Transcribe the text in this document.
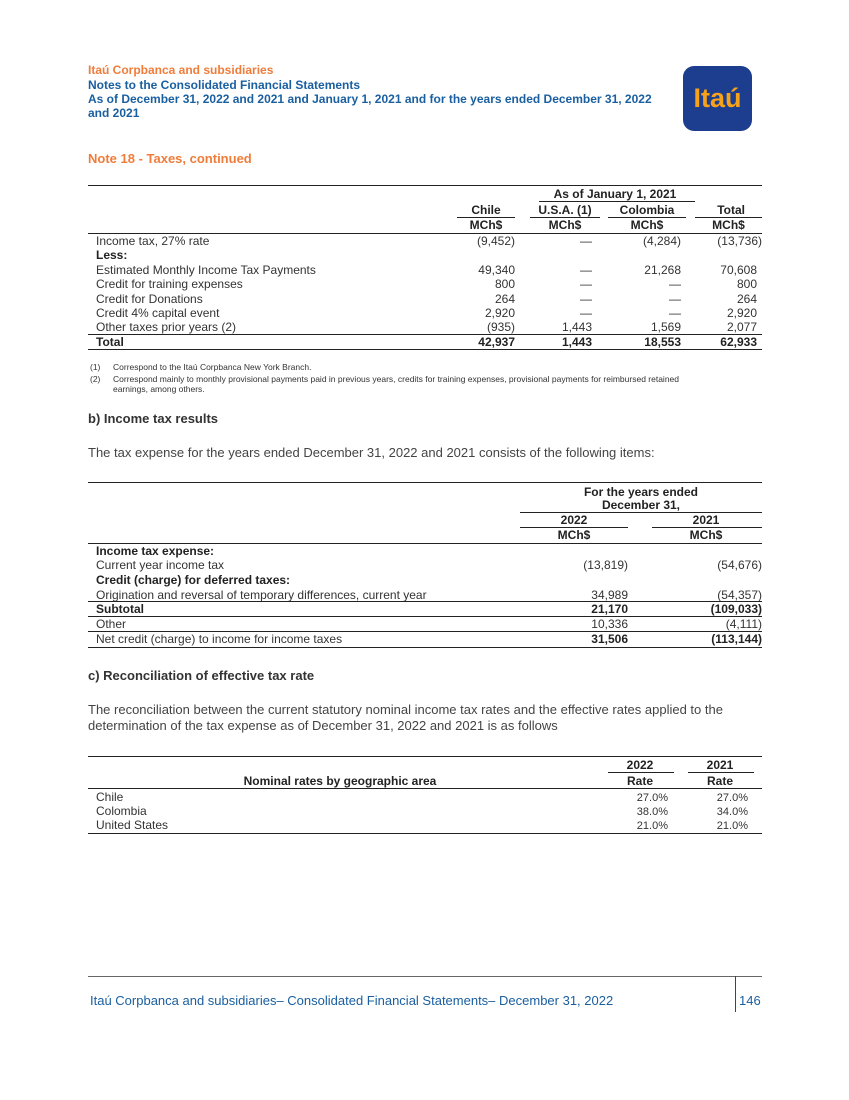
Itaú Corpbanca and subsidiaries
Notes to the Consolidated Financial Statements
As of December 31, 2022 and 2021 and January 1, 2021 and for the years ended December 31, 2022
and 2021	Itaú
Note 18 - Taxes, continued
As of January 1, 2021
Chile	U.S.A. (1)	Colombia	Total
MCh$	MCh$	MCh$	MCh$
Income tax, 27% rate	(9,452)	—	(4,284)	(13,736)
Less:
Estimated Monthly Income Tax Payments	49,340	—	21,268	70,608
Credit for training expenses	800	—	—	800
Credit for Donations	264	—	—	264
Credit 4% capital event	2,920	—	—	2,920
Other taxes prior years (2)	(935)	1,443	1,569	2,077
Total	42,937	1,443	18,553	62,933
(1) Correspond to the Itaú Corpbanca New York Branch.
(2) Correspond mainly to monthly provisional payments paid in previous years, credits for training expenses, provisional payments for reimbursed retained
earnings, among others.
b) Income tax results
The tax expense for the years ended December 31, 2022 and 2021 consists of the following items:
For the years ended
December 31,
2022	2021
MCh$	MCh$
Income tax expense:
Current year income tax	(13,819)	(54,676)
Credit (charge) for deferred taxes:
Origination and reversal of temporary differences, current year	34,989	(54,357)
Subtotal	21,170	(109,033)
Other	10,336	(4,111)
Net credit (charge) to income for income taxes	31,506	(113,144)
c) Reconciliation of effective tax rate
The reconciliation between the current statutory nominal income tax rates and the effective rates applied to the
determination of the tax expense as of December 31, 2022 and 2021 is as follows
2022	2021
Nominal rates by geographic area	Rate	Rate
Chile	27.0%	27.0%
Colombia	38.0%	34.0%
United States	21.0%	21.0%
Itaú Corpbanca and subsidiaries– Consolidated Financial Statements– December 31, 2022	146
